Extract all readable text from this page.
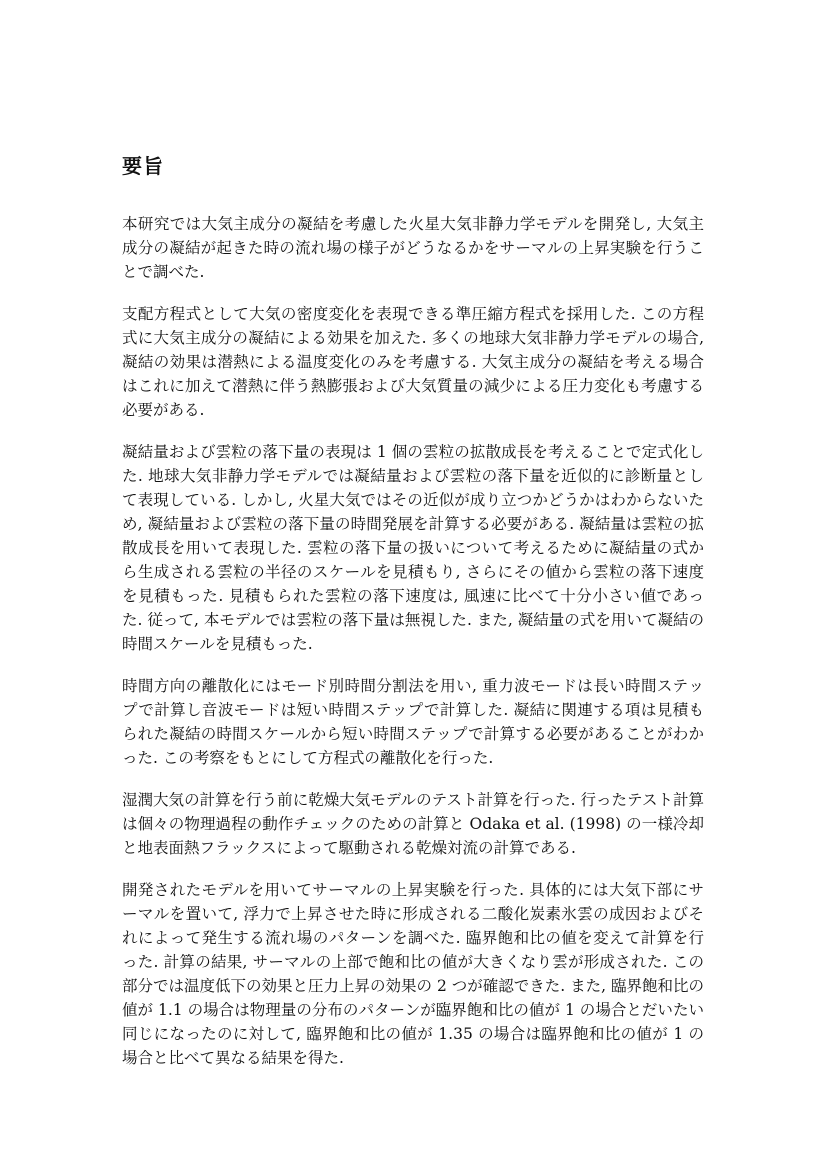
要旨

本研究では大気主成分の凝結を考慮した火星大気非静力学モデルを開発し, 大気主成分の凝結が起きた時の流れ場の様子がどうなるかをサーマルの上昇実験を行うことで調べた.

支配方程式として大気の密度変化を表現できる準圧縮方程式を採用した. この方程式に大気主成分の凝結による効果を加えた. 多くの地球大気非静力学モデルの場合, 凝結の効果は潜熱による温度変化のみを考慮する. 大気主成分の凝結を考える場合はこれに加えて潜熱に伴う熱膨張および大気質量の減少による圧力変化も考慮する必要がある.

凝結量および雲粒の落下量の表現は 1 個の雲粒の拡散成長を考えることで定式化した. 地球大気非静力学モデルでは凝結量および雲粒の落下量を近似的に診断量として表現している. しかし, 火星大気ではその近似が成り立つかどうかはわからないため, 凝結量および雲粒の落下量の時間発展を計算する必要がある. 凝結量は雲粒の拡散成長を用いて表現した. 雲粒の落下量の扱いについて考えるために凝結量の式から生成される雲粒の半径のスケールを見積もり, さらにその値から雲粒の落下速度を見積もった. 見積もられた雲粒の落下速度は, 風速に比べて十分小さい値であった. 従って, 本モデルでは雲粒の落下量は無視した. また, 凝結量の式を用いて凝結の時間スケールを見積もった.

時間方向の離散化にはモード別時間分割法を用い, 重力波モードは長い時間ステップで計算し音波モードは短い時間ステップで計算した. 凝結に関連する項は見積もられた凝結の時間スケールから短い時間ステップで計算する必要があることがわかった. この考察をもとにして方程式の離散化を行った.

湿潤大気の計算を行う前に乾燥大気モデルのテスト計算を行った. 行ったテスト計算は個々の物理過程の動作チェックのための計算と Odaka et al. (1998) の一様冷却と地表面熱フラックスによって駆動される乾燥対流の計算である.

開発されたモデルを用いてサーマルの上昇実験を行った. 具体的には大気下部にサーマルを置いて, 浮力で上昇させた時に形成される二酸化炭素氷雲の成因およびそれによって発生する流れ場のパターンを調べた. 臨界飽和比の値を変えて計算を行った. 計算の結果, サーマルの上部で飽和比の値が大きくなり雲が形成された. この部分では温度低下の効果と圧力上昇の効果の 2 つが確認できた. また, 臨界飽和比の値が 1.1 の場合は物理量の分布のパターンが臨界飽和比の値が 1 の場合とだいたい同じになったのに対して, 臨界飽和比の値が 1.35 の場合は臨界飽和比の値が 1 の場合と比べて異なる結果を得た.
